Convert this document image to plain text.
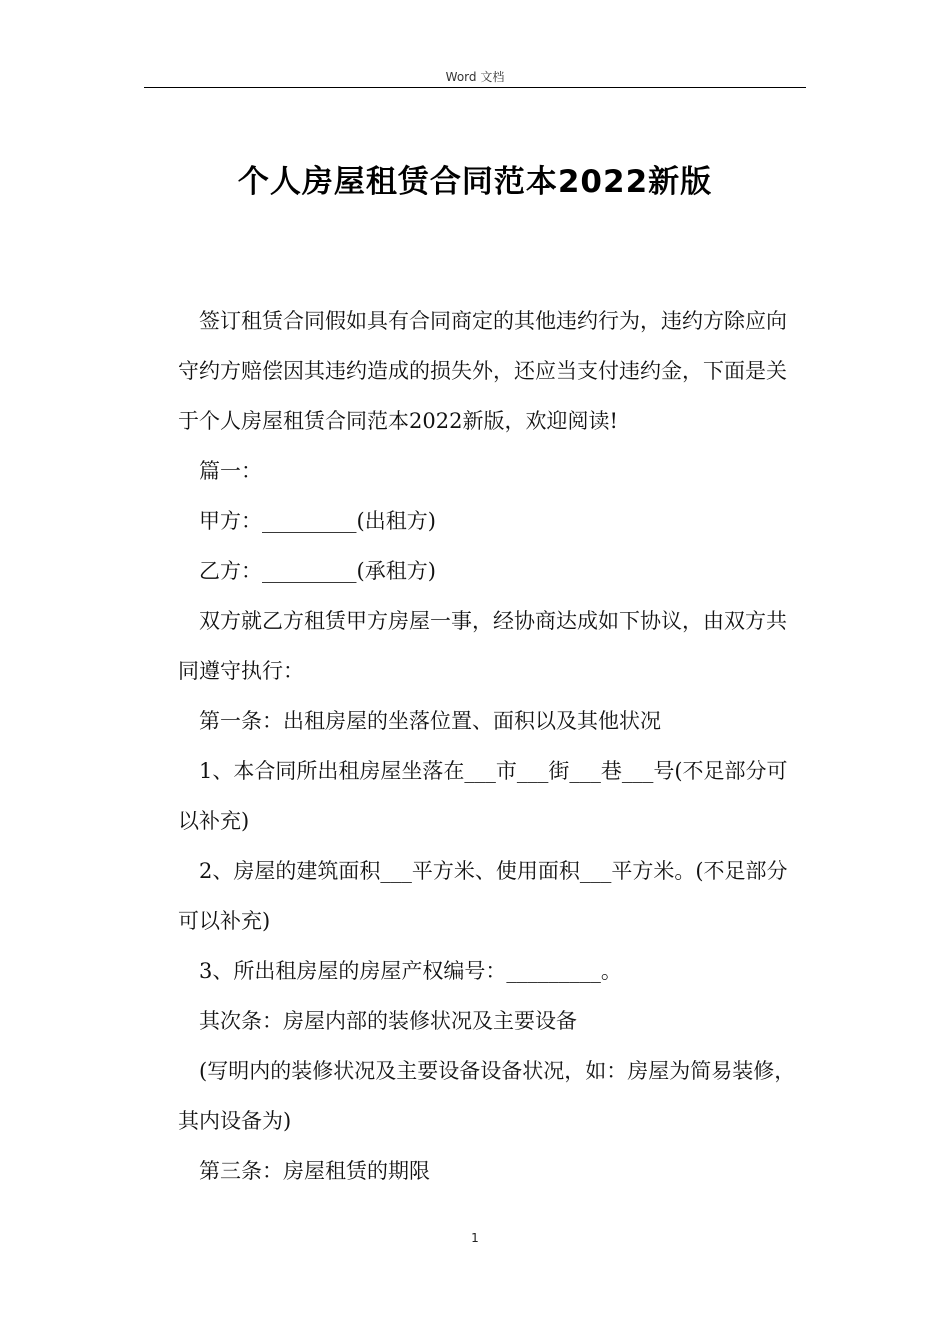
Word 文档
个人房屋租赁合同范本2022新版

签订租赁合同假如具有合同商定的其他违约行为，违约方除应向守约方赔偿因其违约造成的损失外，还应当支付违约金，下面是关于个人房屋租赁合同范本2022新版，欢迎阅读!

篇一：

甲方：_________(出租方)

乙方：_________(承租方)

双方就乙方租赁甲方房屋一事，经协商达成如下协议，由双方共同遵守执行：

第一条：出租房屋的坐落位置、面积以及其他状况

1、本合同所出租房屋坐落在___市___街___巷___号(不足部分可以补充)

2、房屋的建筑面积___平方米、使用面积___平方米。(不足部分可以补充)

3、所出租房屋的房屋产权编号：_________。

其次条：房屋内部的装修状况及主要设备

(写明内的装修状况及主要设备设备状况，如：房屋为简易装修，其内设备为)

第三条：房屋租赁的期限

1
